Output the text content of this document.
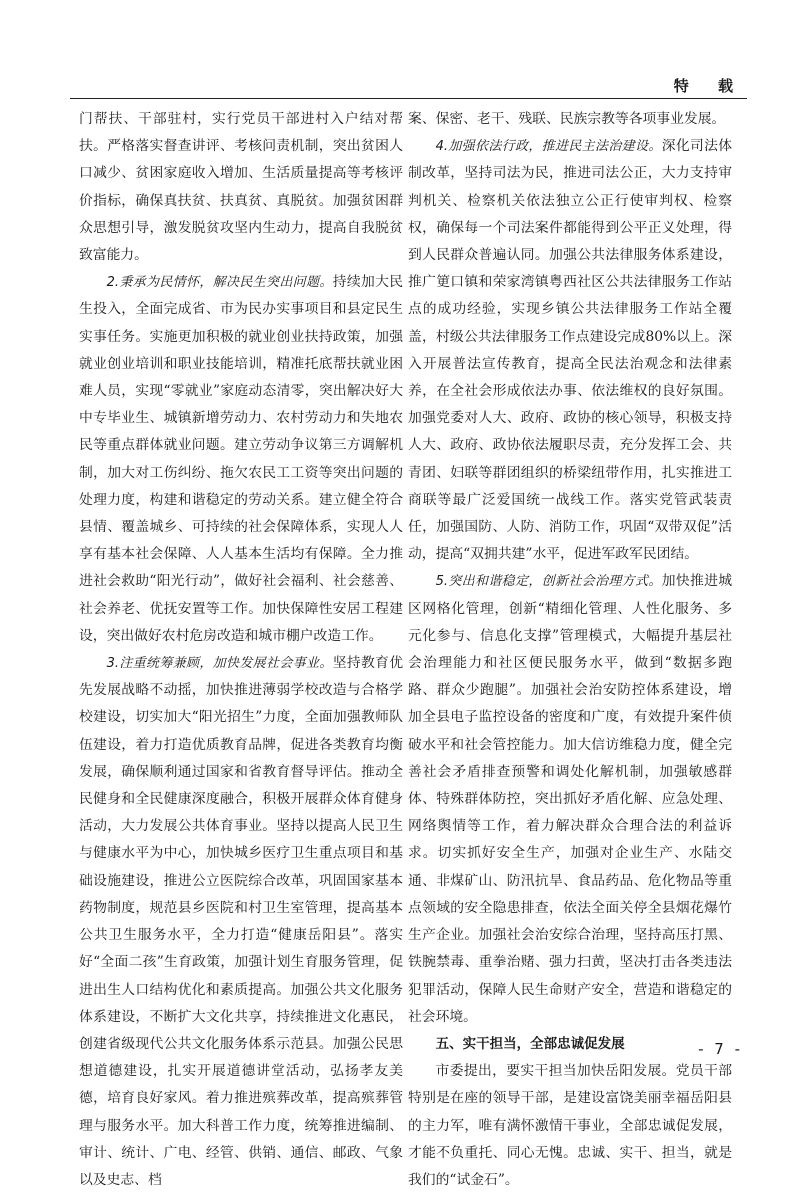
特 载

门帮扶、干部驻村，实行党员干部进村入户结对帮扶。严格落实督查讲评、考核问责机制，突出贫困人口减少、贫困家庭收入增加、生活质量提高等考核评价指标，确保真扶贫、扶真贫、真脱贫。加强贫困群众思想引导，激发脱贫攻坚内生动力，提高自我脱贫致富能力。

2.秉承为民情怀，解决民生突出问题。持续加大民生投入，全面完成省、市为民办实事项目和县定民生实事任务。实施更加积极的就业创业扶持政策，加强就业创业培训和职业技能培训，精准托底帮扶就业困难人员，实现“零就业”家庭动态清零，突出解决好大中专毕业生、城镇新增劳动力、农村劳动力和失地农民等重点群体就业问题。建立劳动争议第三方调解机制，加大对工伤纠纷、拖欠农民工工资等突出问题的处理力度，构建和谐稳定的劳动关系。建立健全符合县情、覆盖城乡、可持续的社会保障体系，实现人人享有基本社会保障、人人基本生活均有保障。全力推进社会救助“阳光行动”，做好社会福利、社会慈善、社会养老、优抚安置等工作。加快保障性安居工程建设，突出做好农村危房改造和城市棚户改造工作。

3.注重统筹兼顾，加快发展社会事业。坚持教育优先发展战略不动摇，加快推进薄弱学校改造与合格学校建设，切实加大“阳光招生”力度，全面加强教师队伍建设，着力打造优质教育品牌，促进各类教育均衡发展，确保顺利通过国家和省教育督导评估。推动全民健身和全民健康深度融合，积极开展群众体育健身活动，大力发展公共体育事业。坚持以提高人民卫生与健康水平为中心，加快城乡医疗卫生重点项目和基础设施建设，推进公立医院综合改革，巩固国家基本药物制度，规范县乡医院和村卫生室管理，提高基本公共卫生服务水平，全力打造“健康岳阳县”。落实好“全面二孩”生育政策，加强计划生育服务管理，促进出生人口结构优化和素质提高。加强公共文化服务体系建设，不断扩大文化共享，持续推进文化惠民，创建省级现代公共文化服务体系示范县。加强公民思想道德建设，扎实开展道德讲堂活动，弘扬孝友美德，培育良好家风。着力推进殡葬改革，提高殡葬管理与服务水平。加大科普工作力度，统筹推进编制、审计、统计、广电、经管、供销、通信、邮政、气象以及史志、档

案、保密、老干、残联、民族宗教等各项事业发展。

4.加强依法行政，推进民主法治建设。深化司法体制改革，坚持司法为民，推进司法公正，大力支持审判机关、检察机关依法独立公正行使审判权、检察权，确保每一个司法案件都能得到公平正义处理，得到人民群众普遍认同。加强公共法律服务体系建设，推广筻口镇和荣家湾镇粤西社区公共法律服务工作站点的成功经验，实现乡镇公共法律服务工作站全覆盖，村级公共法律服务工作点建设完成80%以上。深入开展普法宣传教育，提高全民法治观念和法律素养，在全社会形成依法办事、依法维权的良好氛围。加强党委对人大、政府、政协的核心领导，积极支持人大、政府、政协依法履职尽责，充分发挥工会、共青团、妇联等群团组织的桥梁纽带作用，扎实推进工商联等最广泛爱国统一战线工作。落实党管武装责任，加强国防、人防、消防工作，巩固“双带双促”活动，提高“双拥共建”水平，促进军政军民团结。

5.突出和谐稳定，创新社会治理方式。加快推进城区网格化管理，创新“精细化管理、人性化服务、多元化参与、信息化支撑”管理模式，大幅提升基层社会治理能力和社区便民服务水平，做到“数据多跑路、群众少跑腿”。加强社会治安防控体系建设，增加全县电子监控设备的密度和广度，有效提升案件侦破水平和社会管控能力。加大信访维稳力度，健全完善社会矛盾排查预警和调处化解机制，加强敏感群体、特殊群体防控，突出抓好矛盾化解、应急处理、网络舆情等工作，着力解决群众合理合法的利益诉求。切实抓好安全生产，加强对企业生产、水陆交通、非煤矿山、防汛抗旱、食品药品、危化物品等重点领域的安全隐患排查，依法全面关停全县烟花爆竹生产企业。加强社会治安综合治理，坚持高压打黑、铁腕禁毒、重拳治赌、强力扫黄，坚决打击各类违法犯罪活动，保障人民生命财产安全，营造和谐稳定的社会环境。

五、实干担当，全部忠诚促发展

市委提出，要实干担当加快岳阳发展。党员干部特别是在座的领导干部，是建设富饶美丽幸福岳阳县的主力军，唯有满怀激情干事业，全部忠诚促发展，才能不负重托、同心无愧。忠诚、实干、担当，就是我们的“试金石”。

- 7 -
